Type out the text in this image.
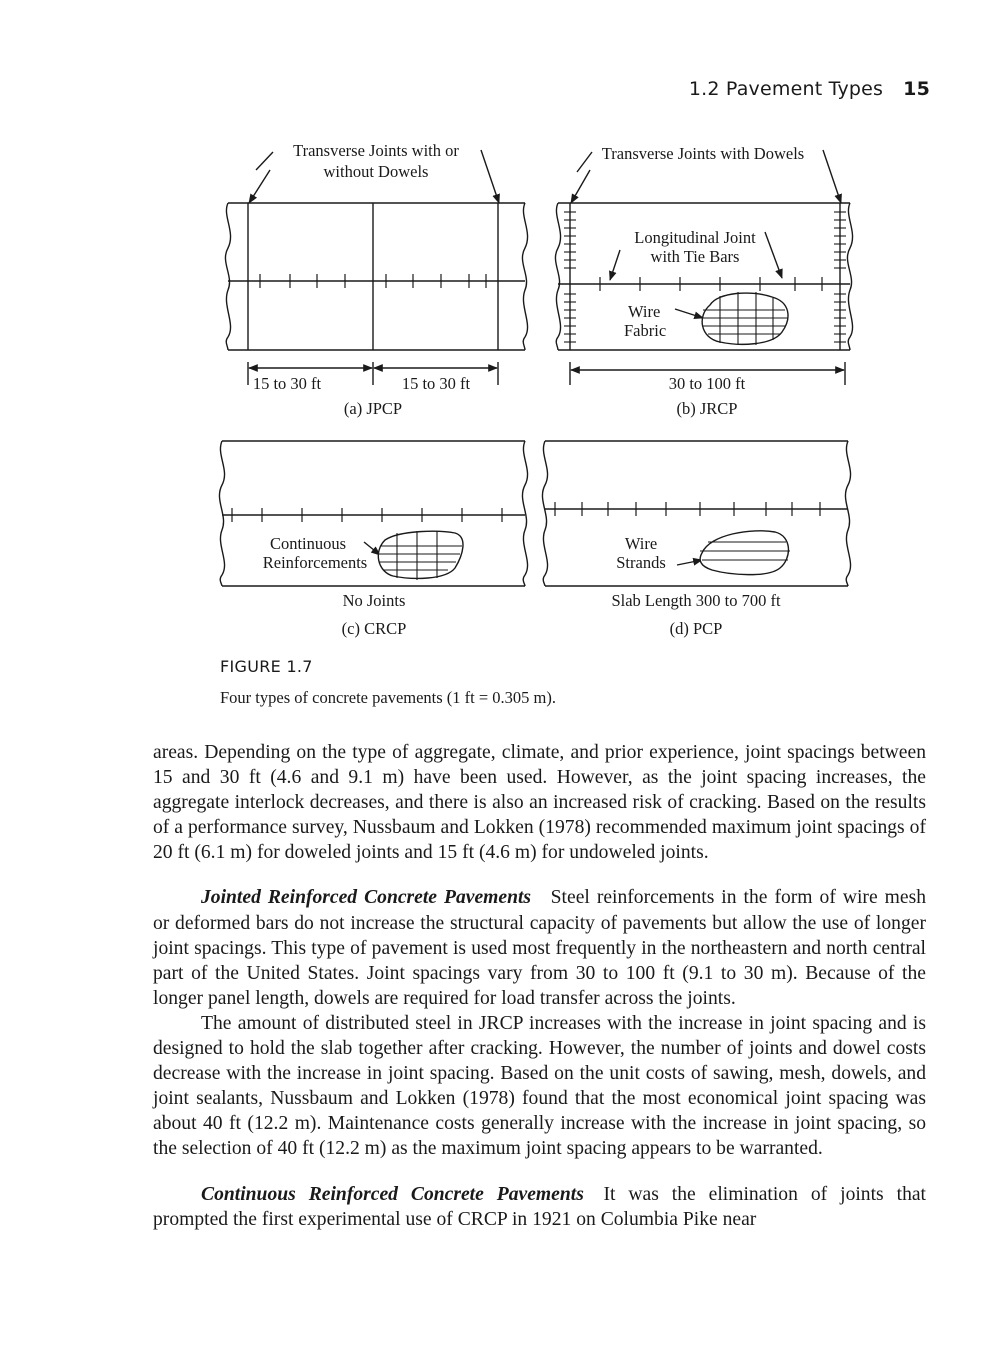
1.2 Pavement Types 15
Transverse Joints with or
without Dowels
15 to 30 ft	15 to 30 ft
(a) JPCP
Transverse Joints with Dowels
Longitudinal Joint
with Tie Bars
Wire
Fabric
30 to 100 ft
(b) JRCP
Continuous
Reinforcements
No Joints
(c) CRCP
Wire
Strands
Slab Length 300 to 700 ft
(d) PCP
FIGURE 1.7
Four types of concrete pavements (1 ft = 0.305 m).

areas. Depending on the type of aggregate, climate, and prior experience, joint spacings between 15 and 30 ft (4.6 and 9.1 m) have been used. However, as the joint spacing increases, the aggregate interlock decreases, and there is also an increased risk of cracking. Based on the results of a performance survey, Nussbaum and Lokken (1978) recommended maximum joint spacings of 20 ft (6.1 m) for doweled joints and 15 ft (4.6 m) for undoweled joints.

Jointed Reinforced Concrete Pavements  Steel reinforcements in the form of wire mesh or deformed bars do not increase the structural capacity of pavements but allow the use of longer joint spacings. This type of pavement is used most frequently in the northeastern and north central part of the United States. Joint spacings vary from 30 to 100 ft (9.1 to 30 m). Because of the longer panel length, dowels are required for load transfer across the joints.

The amount of distributed steel in JRCP increases with the increase in joint spacing and is designed to hold the slab together after cracking. However, the number of joints and dowel costs decrease with the increase in joint spacing. Based on the unit costs of sawing, mesh, dowels, and joint sealants, Nussbaum and Lokken (1978) found that the most economical joint spacing was about 40 ft (12.2 m). Maintenance costs generally increase with the increase in joint spacing, so the selection of 40 ft (12.2 m) as the maximum joint spacing appears to be warranted.

Continuous Reinforced Concrete Pavements  It was the elimination of joints that prompted the first experimental use of CRCP in 1921 on Columbia Pike near
